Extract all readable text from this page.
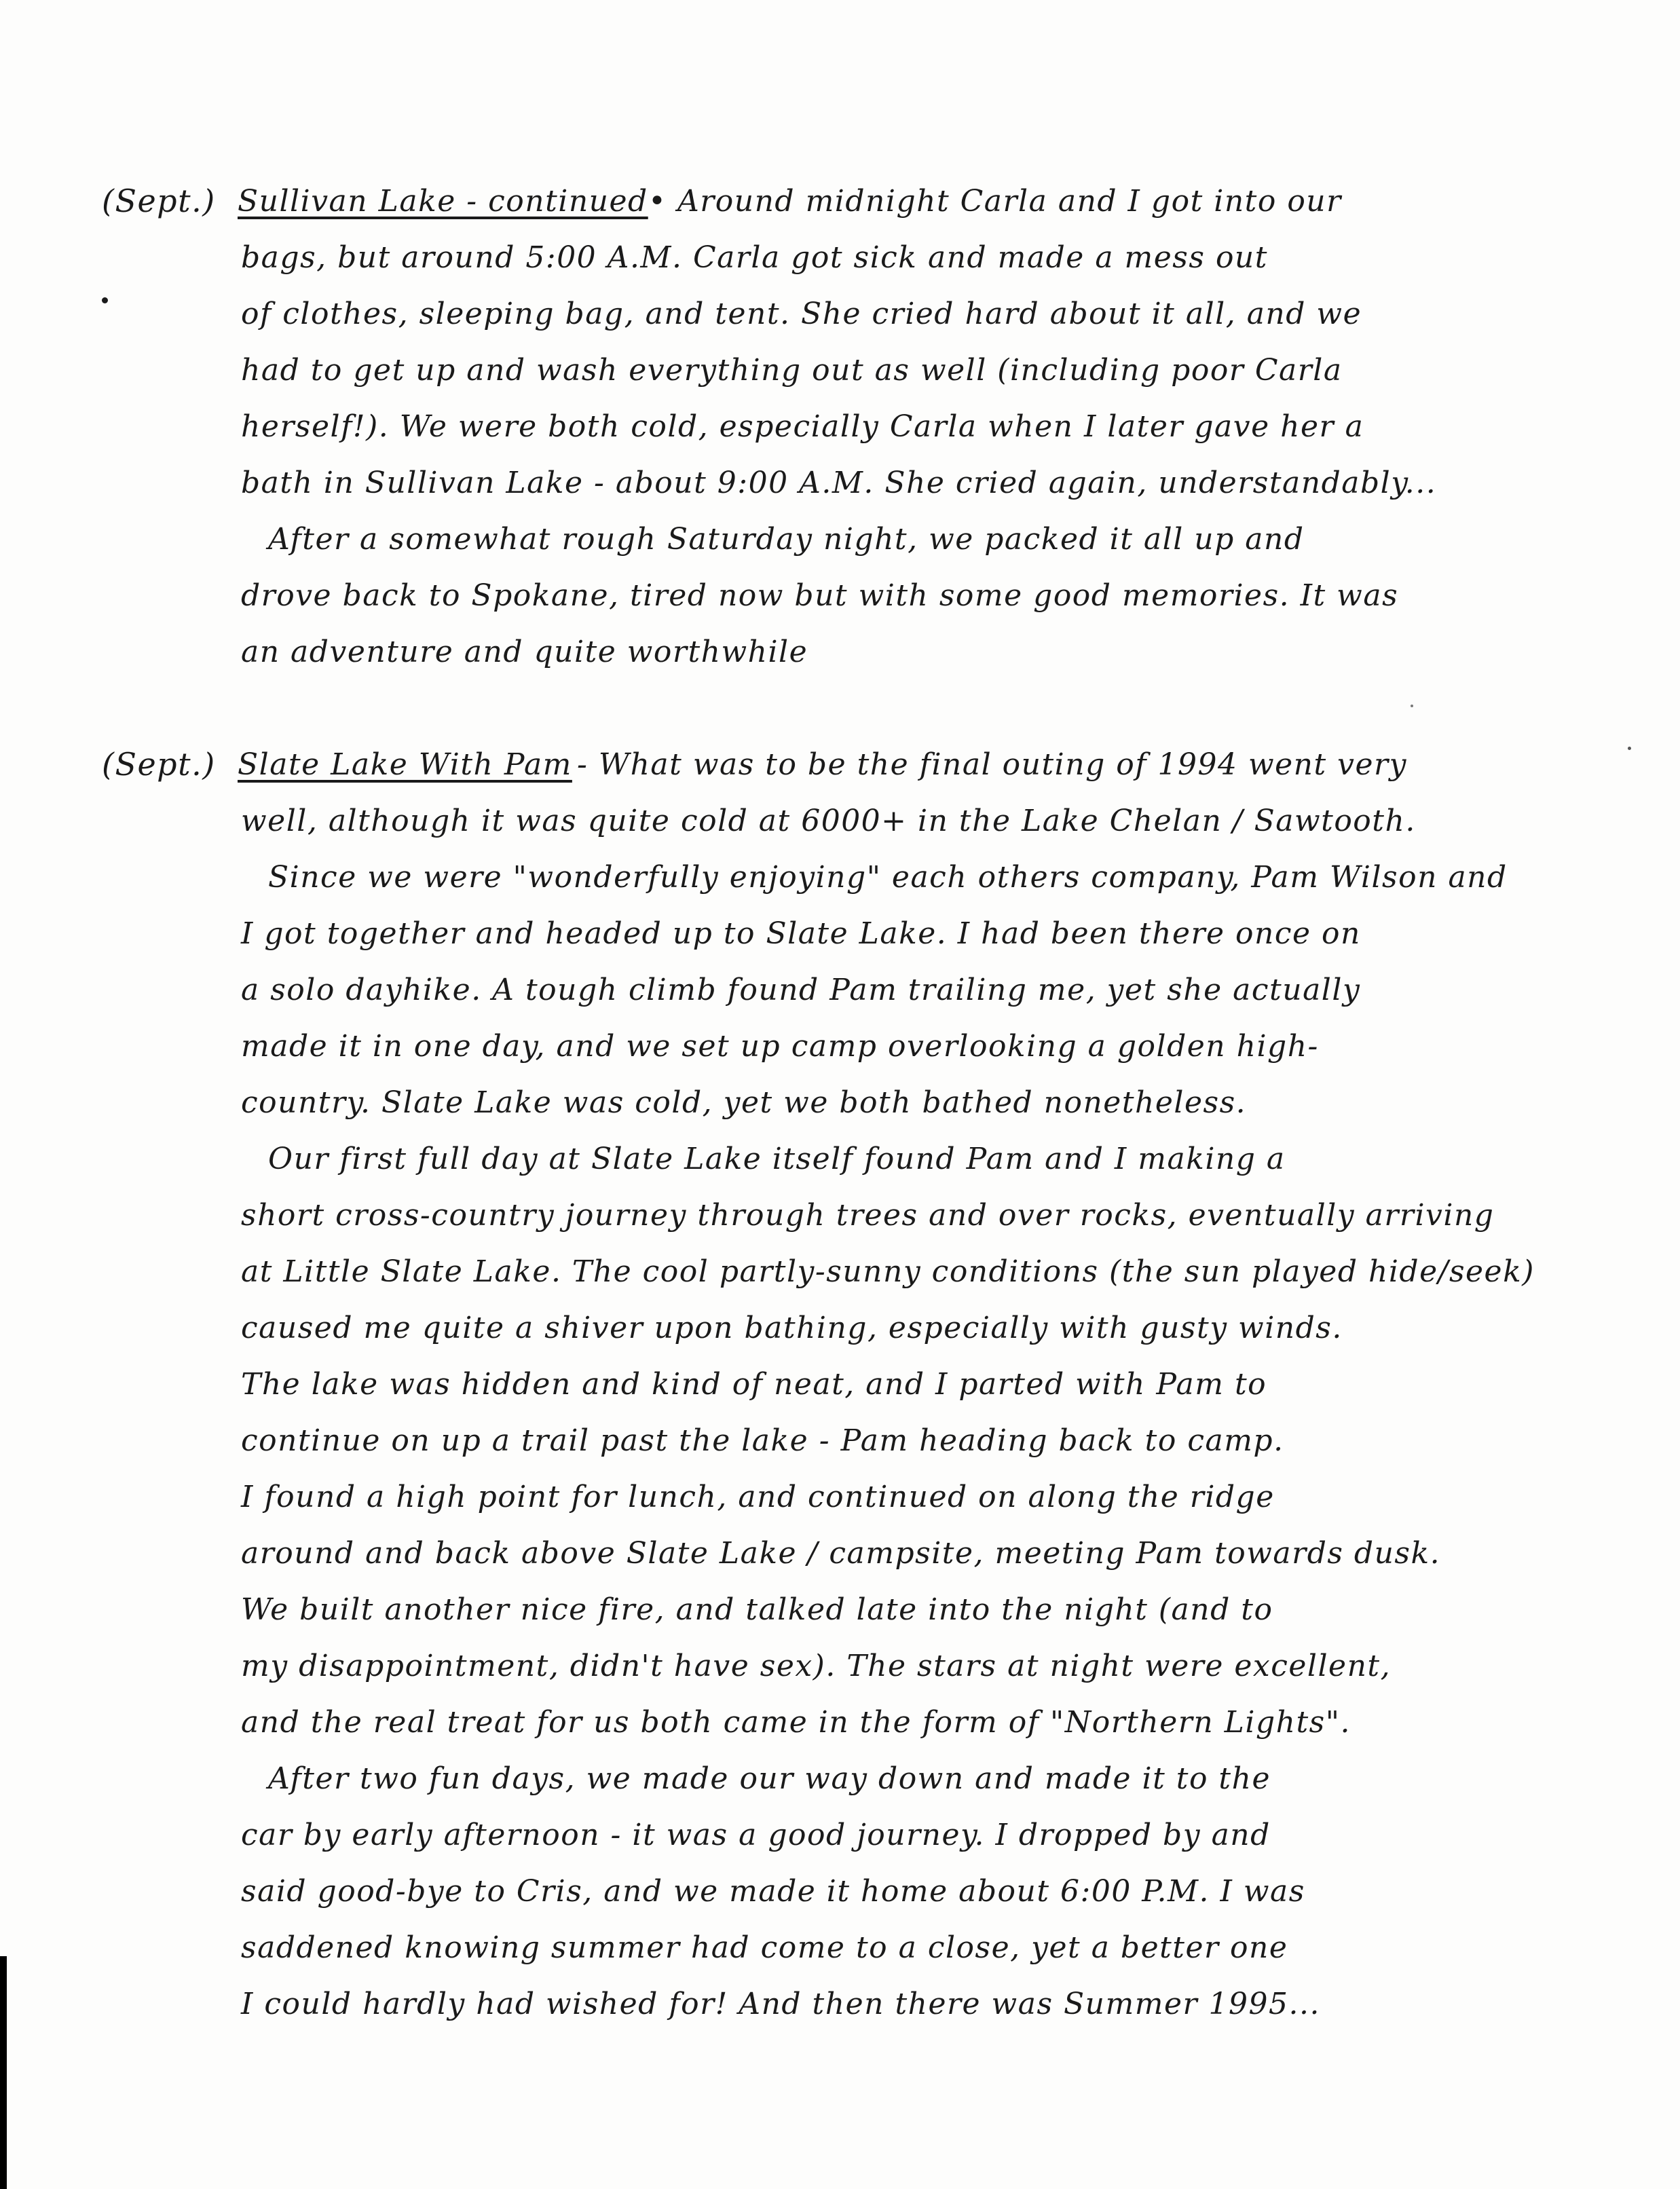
(Sept.) Sullivan Lake - continued • Around midnight Carla and I got into our
bags, but around 5:00 A.M. Carla got sick and made a mess out
of clothes, sleeping bag, and tent. She cried hard about it all, and we
had to get up and wash everything out as well (including poor Carla
herself!). We were both cold, especially Carla when I later gave her a
bath in Sullivan Lake - about 9:00 A.M. She cried again, understandably...
After a somewhat rough Saturday night, we packed it all up and
drove back to Spokane, tired now but with some good memories. It was
an adventure and quite worthwhile
(Sept.) Slate Lake With Pam - What was to be the final outing of 1994 went very
well, although it was quite cold at 6000+ in the Lake Chelan / Sawtooth.
Since we were "wonderfully enjoying" each others company, Pam Wilson and
I got together and headed up to Slate Lake. I had been there once on
a solo dayhike. A tough climb found Pam trailing me, yet she actually
made it in one day, and we set up camp overlooking a golden high-
country. Slate Lake was cold, yet we both bathed nonetheless.
Our first full day at Slate Lake itself found Pam and I making a
short cross-country journey through trees and over rocks, eventually arriving
at Little Slate Lake. The cool partly-sunny conditions (the sun played hide/seek)
caused me quite a shiver upon bathing, especially with gusty winds.
The lake was hidden and kind of neat, and I parted with Pam to
continue on up a trail past the lake - Pam heading back to camp.
I found a high point for lunch, and continued on along the ridge
around and back above Slate Lake / campsite, meeting Pam towards dusk.
We built another nice fire, and talked late into the night (and to
my disappointment, didn't have sex). The stars at night were excellent,
and the real treat for us both came in the form of "Northern Lights".
After two fun days, we made our way down and made it to the
car by early afternoon - it was a good journey. I dropped by and
said good-bye to Cris, and we made it home about 6:00 P.M. I was
saddened knowing summer had come to a close, yet a better one
I could hardly had wished for! And then there was Summer 1995...
